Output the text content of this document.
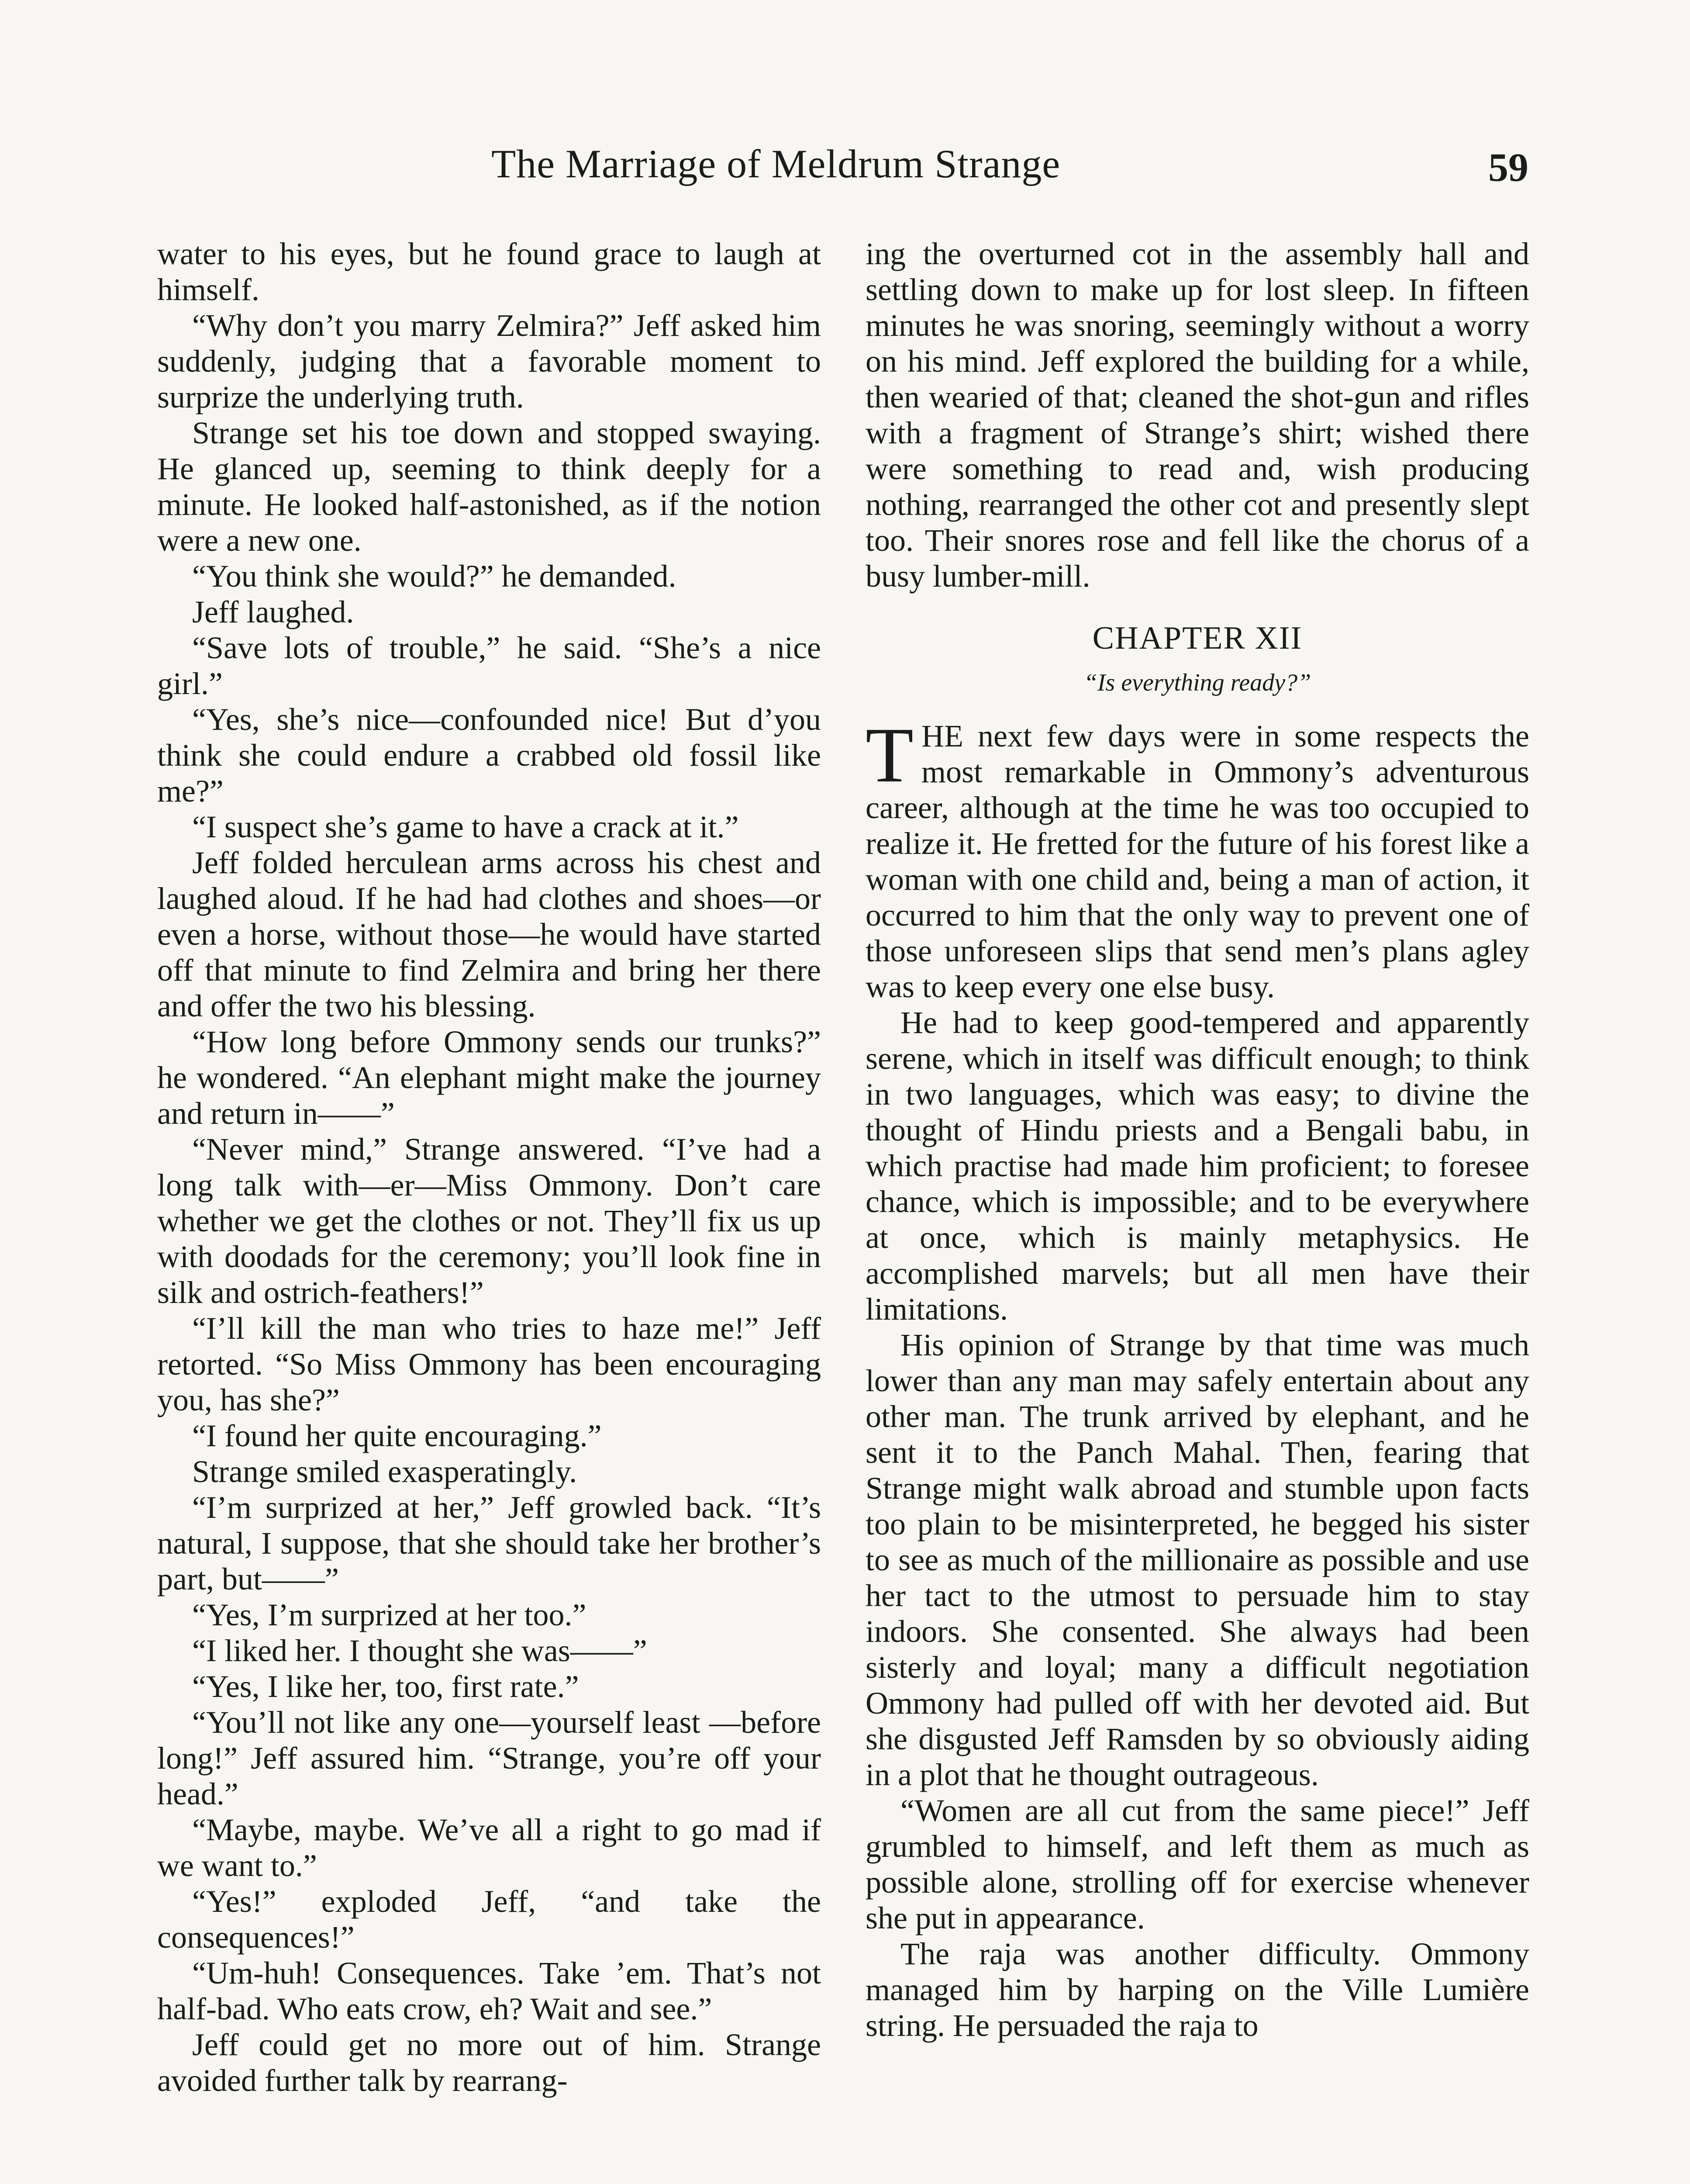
The Marriage of Meldrum Strange	59

water to his eyes, but he found grace to laugh at himself.

“Why don’t you marry Zelmira?” Jeff asked him suddenly, judging that a favorable moment to surprize the underlying truth.

Strange set his toe down and stopped swaying. He glanced up, seeming to think deeply for a minute. He looked half-astonished, as if the notion were a new one.

“You think she would?” he demanded.

Jeff laughed.

“Save lots of trouble,” he said. “She’s a nice girl.”

“Yes, she’s nice—confounded nice! But d’you think she could endure a crabbed old fossil like me?”

“I suspect she’s game to have a crack at it.”

Jeff folded herculean arms across his chest and laughed aloud. If he had had clothes and shoes—or even a horse, without those—he would have started off that minute to find Zelmira and bring her there and offer the two his blessing.

“How long before Ommony sends our trunks?” he wondered. “An elephant might make the journey and return in——”

“Never mind,” Strange answered. “I’ve had a long talk with—er—Miss Ommony. Don’t care whether we get the clothes or not. They’ll fix us up with doodads for the ceremony; you’ll look fine in silk and ostrich-feathers!”

“I’ll kill the man who tries to haze me!” Jeff retorted. “So Miss Ommony has been encouraging you, has she?”

“I found her quite encouraging.”

Strange smiled exasperatingly.

“I’m surprized at her,” Jeff growled back. “It’s natural, I suppose, that she should take her brother’s part, but——”

“Yes, I’m surprized at her too.”

“I liked her. I thought she was——”

“Yes, I like her, too, first rate.”

“You’ll not like any one—yourself least —before long!” Jeff assured him. “Strange, you’re off your head.”

“Maybe, maybe. We’ve all a right to go mad if we want to.”

“Yes!” exploded Jeff, “and take the consequences!”

“Um-huh! Consequences. Take ’em. That’s not half-bad. Who eats crow, eh? Wait and see.”

Jeff could get no more out of him. Strange avoided further talk by rearrang-

ing the overturned cot in the assembly hall and settling down to make up for lost sleep. In fifteen minutes he was snoring, seemingly without a worry on his mind. Jeff explored the building for a while, then wearied of that; cleaned the shot-gun and rifles with a fragment of Strange’s shirt; wished there were something to read and, wish producing nothing, rearranged the other cot and presently slept too. Their snores rose and fell like the chorus of a busy lumber-mill.

CHAPTER XII
“Is everything ready?”

THE next few days were in some respects the most remarkable in Ommony’s adventurous career, although at the time he was too occupied to realize it. He fretted for the future of his forest like a woman with one child and, being a man of action, it occurred to him that the only way to prevent one of those unforeseen slips that send men’s plans agley was to keep every one else busy.

He had to keep good-tempered and apparently serene, which in itself was difficult enough; to think in two languages, which was easy; to divine the thought of Hindu priests and a Bengali babu, in which practise had made him proficient; to foresee chance, which is impossible; and to be everywhere at once, which is mainly metaphysics. He accomplished marvels; but all men have their limitations.

His opinion of Strange by that time was much lower than any man may safely entertain about any other man. The trunk arrived by elephant, and he sent it to the Panch Mahal. Then, fearing that Strange might walk abroad and stumble upon facts too plain to be misinterpreted, he begged his sister to see as much of the millionaire as possible and use her tact to the utmost to persuade him to stay indoors. She consented. She always had been sisterly and loyal; many a difficult negotiation Ommony had pulled off with her devoted aid. But she disgusted Jeff Ramsden by so obviously aiding in a plot that he thought outrageous.

“Women are all cut from the same piece!” Jeff grumbled to himself, and left them as much as possible alone, strolling off for exercise whenever she put in appearance.

The raja was another difficulty. Ommony managed him by harping on the Ville Lumière string. He persuaded the raja to
